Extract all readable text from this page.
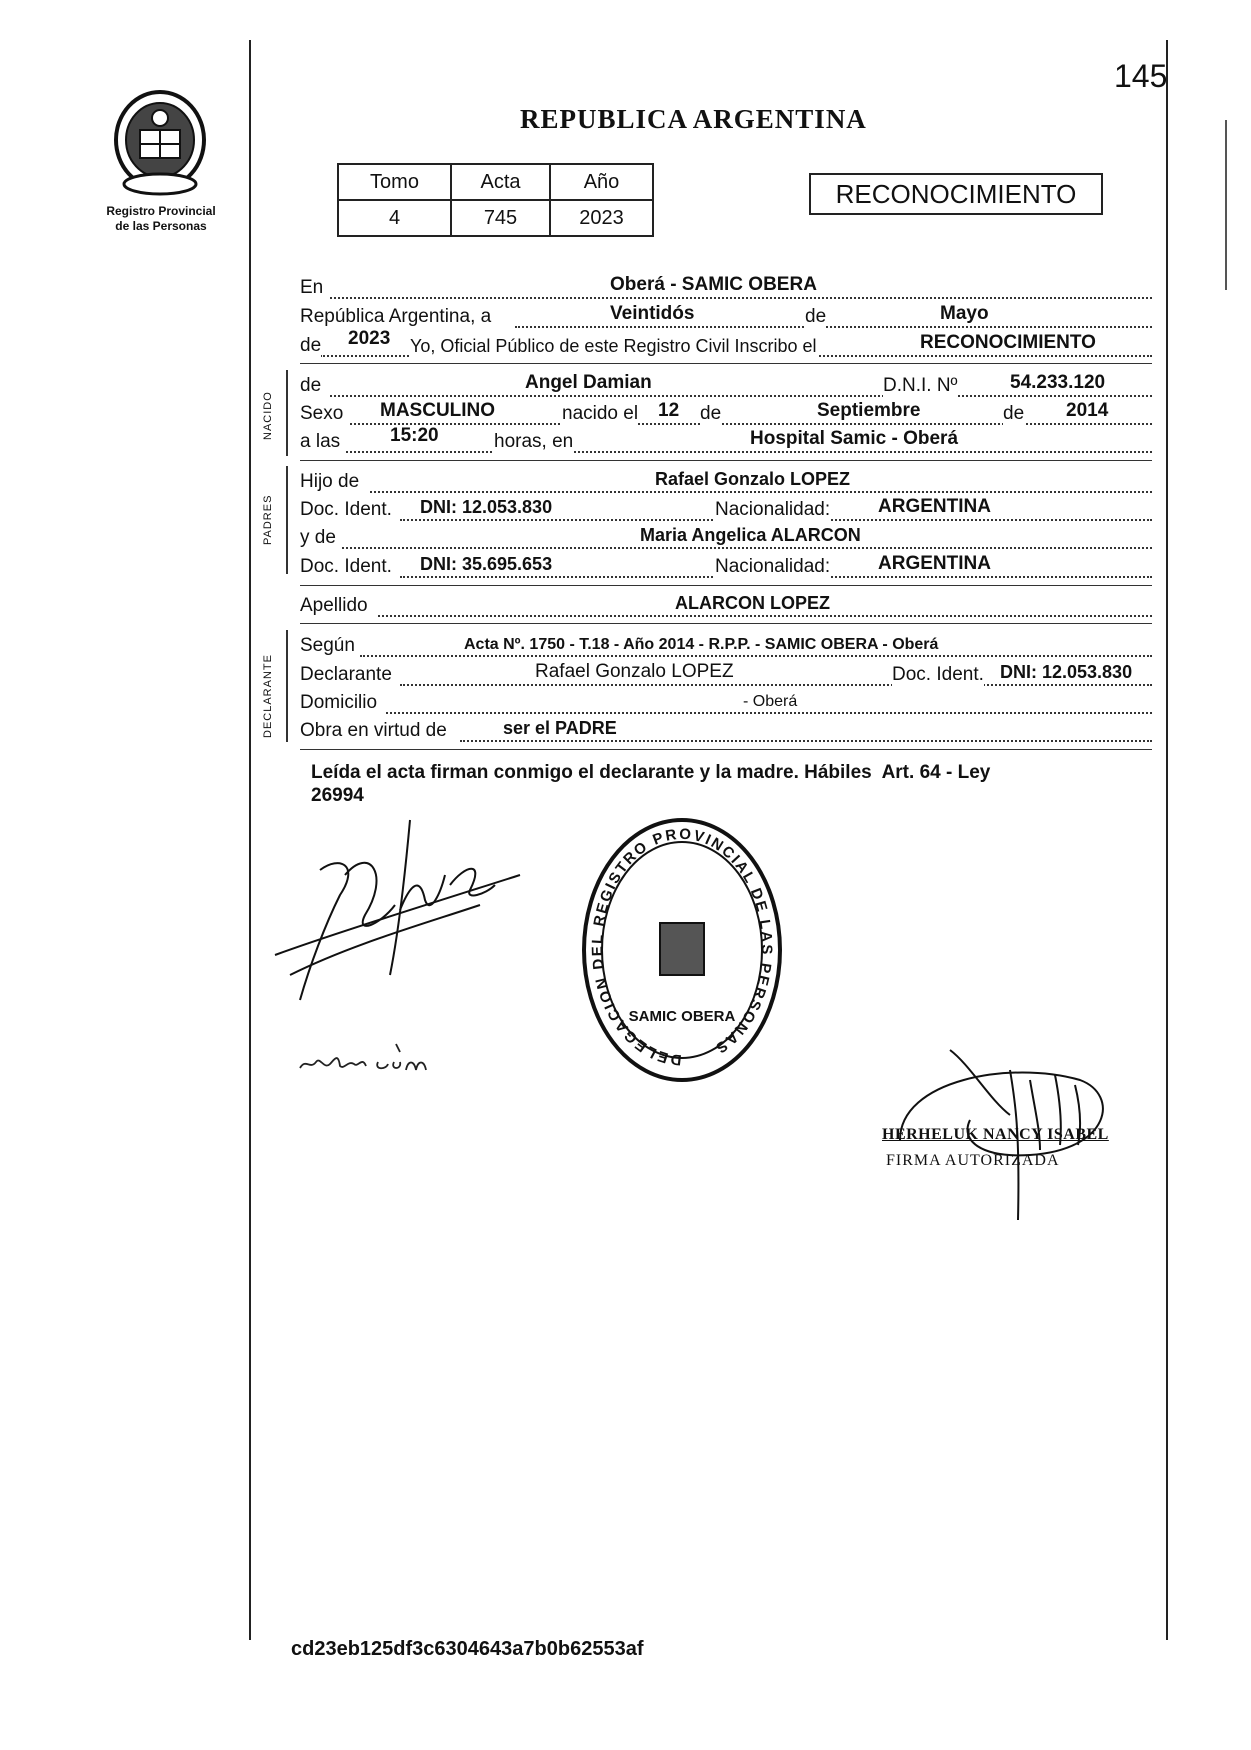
145
Registro Provincial
de las Personas
REPUBLICA ARGENTINA
Tomo	Acta	Año
4	745	2023
RECONOCIMIENTO
En	Oberá - SAMIC OBERA
República Argentina, a	Veintidós	de	Mayo
de 2023 Yo, Oficial Público de este Registro Civil Inscribo el	RECONOCIMIENTO
NACIDO
de	Angel Damian	D.N.I. Nº	54.233.120
Sexo MASCULINO	nacido el 12 de	Septiembre	de 2014
a las	15:20	horas, en	Hospital Samic - Oberá
PADRES
Hijo de	Rafael Gonzalo LOPEZ
Doc. Ident. DNI: 12.053.830	Nacionalidad:	ARGENTINA
y de	Maria Angelica ALARCON
Doc. Ident. DNI: 35.695.653	Nacionalidad:	ARGENTINA
Apellido	ALARCON LOPEZ
DECLARANTE
Según	Acta Nº. 1750 - T.18 - Año 2014 - R.P.P. - SAMIC OBERA - Oberá
Declarante	Rafael Gonzalo LOPEZ	Doc. Ident. DNI: 12.053.830
Domicilio	- Oberá
Obra en virtud de	ser el PADRE
Leída el acta firman conmigo el declarante y la madre. Hábiles  Art. 64 - Ley
26994
DELEGACION DEL REGISTRO PROVINCIAL DE LAS PERSONAS
SAMIC OBERA
HERHELUK NANCY ISABEL
FIRMA AUTORIZADA
cd23eb125df3c6304643a7b0b62553af
